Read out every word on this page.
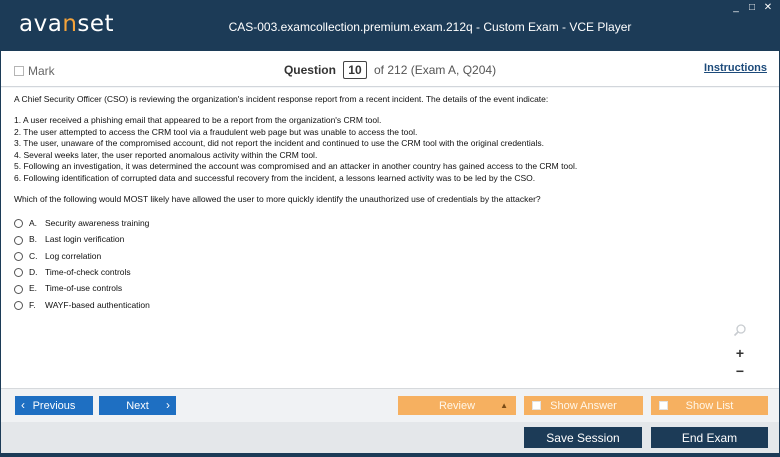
avanset	CAS-003.examcollection.premium.exam.212q - Custom Exam - VCE Player
_ □ ✕
Mark	Question 10 of 212 (Exam A, Q204)	Instructions
A Chief Security Officer (CSO) is reviewing the organization's incident response report from a recent incident. The details of the event indicate:
1. A user received a phishing email that appeared to be a report from the organization's CRM tool.
2. The user attempted to access the CRM tool via a fraudulent web page but was unable to access the tool.
3. The user, unaware of the compromised account, did not report the incident and continued to use the CRM tool with the original credentials.
4. Several weeks later, the user reported anomalous activity within the CRM tool.
5. Following an investigation, it was determined the account was compromised and an attacker in another country has gained access to the CRM tool.
6. Following identification of corrupted data and successful recovery from the incident, a lessons learned activity was to be led by the CSO.
Which of the following would MOST likely have allowed the user to more quickly identify the unauthorized use of credentials by the attacker?
A. Security awareness training
B. Last login verification
C. Log correlation
D. Time-of-check controls
E. Time-of-use controls
F.	WAYF-based authentication
+
−
‹ Previous	Next ›	Review	▲	Show Answer	Show List
Save Session	End Exam
